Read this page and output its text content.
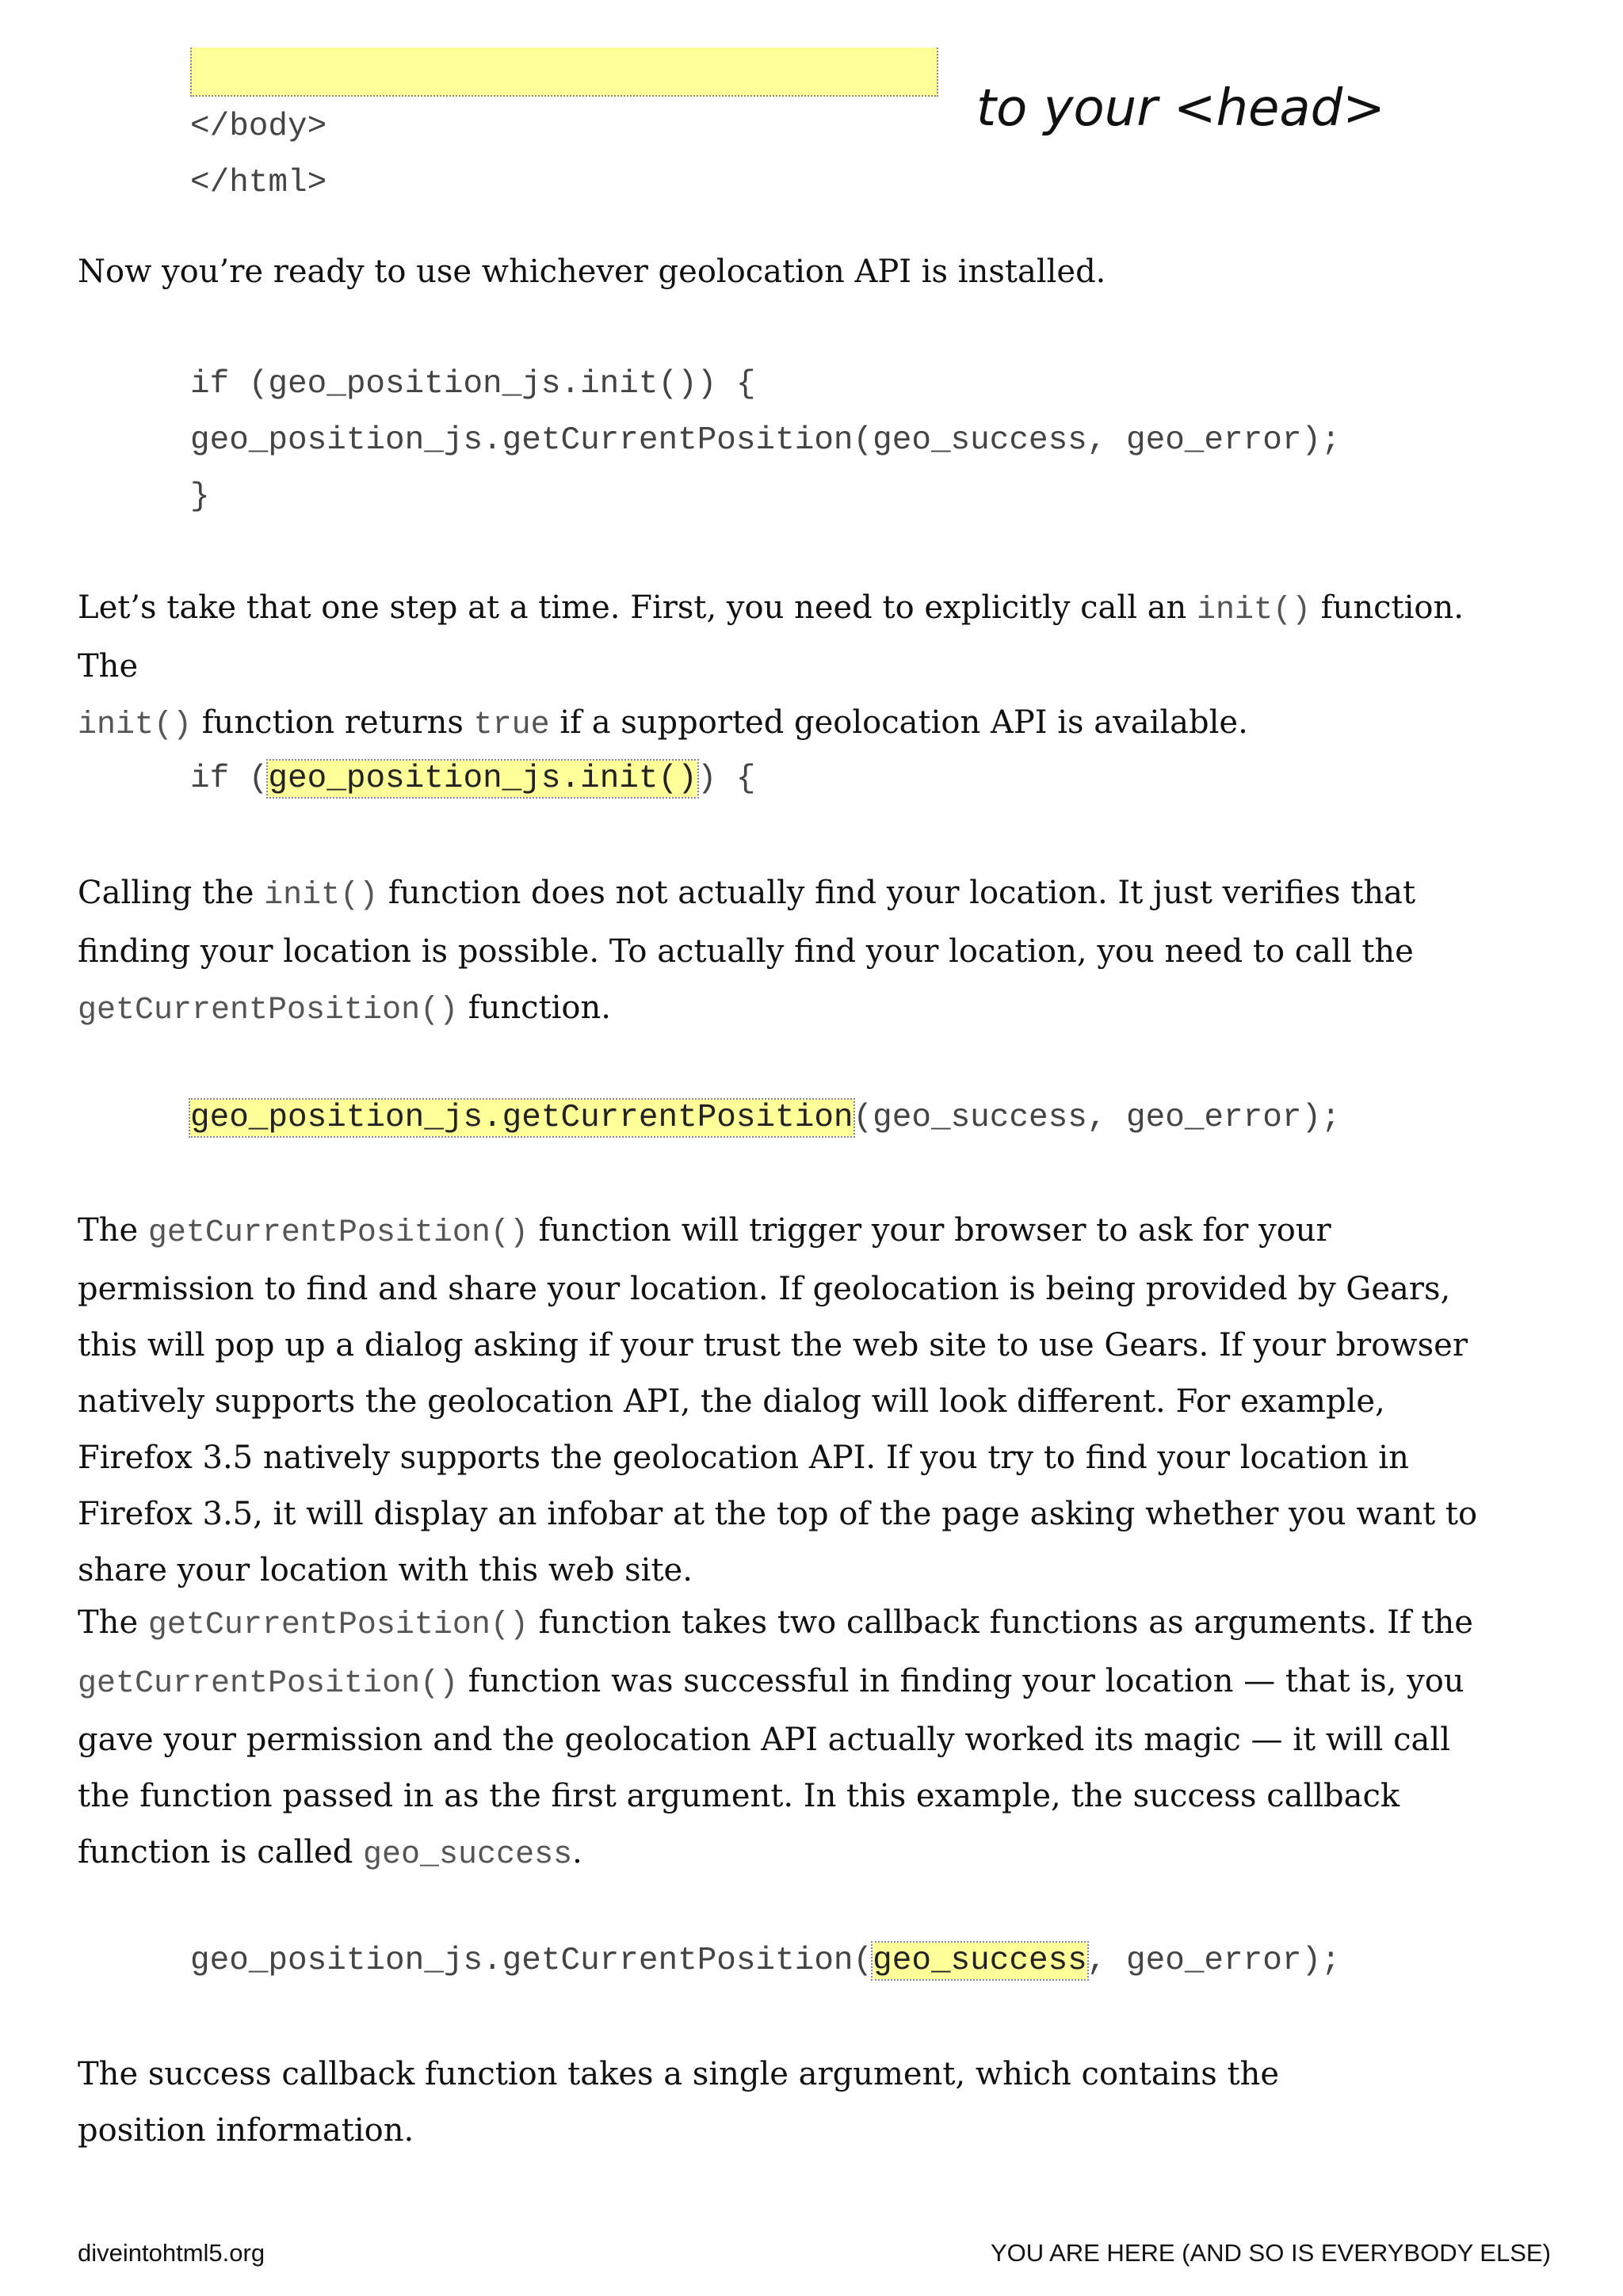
</body>
</html>
to your <head>
Now you’re ready to use whichever geolocation API is installed.
if (geo_position_js.init()) {
geo_position_js.getCurrentPosition(geo_success, geo_error);
}
Let’s take that one step at a time. First, you need to explicitly call an init() function. The
init() function returns true if a supported geolocation API is available.
if (geo_position_js.init()) {
Calling the init() function does not actually find your location. It just verifies that finding your location is possible. To actually find your location, you need to call the getCurrentPosition() function.
geo_position_js.getCurrentPosition(geo_success, geo_error);
The getCurrentPosition() function will trigger your browser to ask for your permission to find and share your location. If geolocation is being provided by Gears, this will pop up a dialog asking if your trust the web site to use Gears. If your browser natively supports the geolocation API, the dialog will look different. For example, Firefox 3.5 natively supports the geolocation API. If you try to find your location in Firefox 3.5, it will display an infobar at the top of the page asking whether you want to share your location with this web site.
The getCurrentPosition() function takes two callback functions as arguments. If the getCurrentPosition() function was successful in finding your location — that is, you gave your permission and the geolocation API actually worked its magic — it will call the function passed in as the first argument. In this example, the success callback function is called geo_success.
geo_position_js.getCurrentPosition(geo_success, geo_error);
The success callback function takes a single argument, which contains the position information.
diveintohtml5.org	YOU ARE HERE (AND SO IS EVERYBODY ELSE)
